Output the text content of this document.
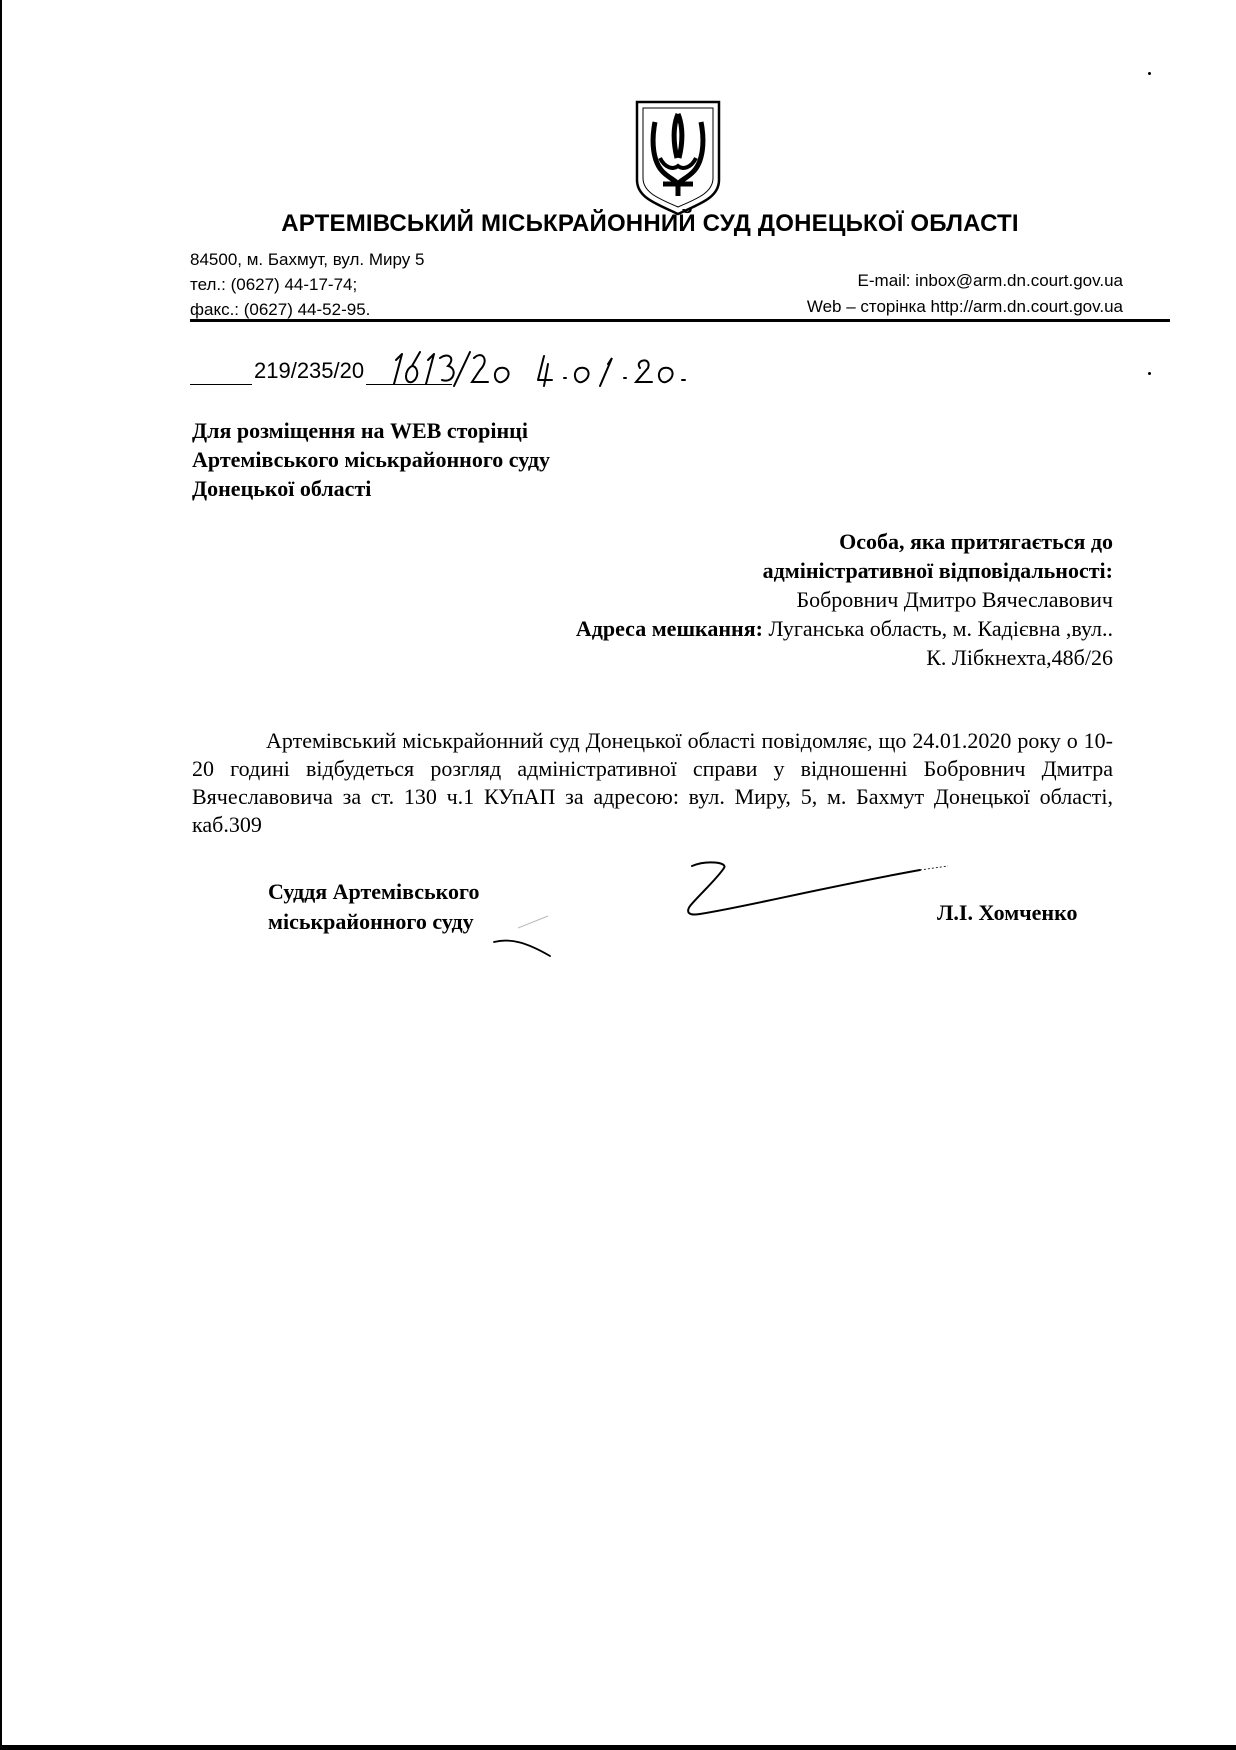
АРТЕМІВСЬКИЙ МІСЬКРАЙОННИЙ СУД ДОНЕЦЬКОЇ ОБЛАСТІ
84500, м. Бахмут, вул. Миру 5
тел.: (0627) 44-17-74;
факс.: (0627) 44-52-95.
E-mail: inbox@arm.dn.court.gov.ua
Web – сторінка http://arm.dn.court.gov.ua
219/235/20
Для розміщення на WEB сторінці
Артемівського міськрайонного суду
Донецької області
Особа, яка притягається до
адміністративної відповідальності:
Бобровнич Дмитро Вячеславович
Адреса мешкання: Луганська область, м. Кадієвна ,вул..
К. Лібкнехта,48б/26
Артемівський міськрайонний суд Донецької області повідомляє, що 24.01.2020 року о 10-20 годині відбудеться розгляд адміністративної справи у відношенні Бобровнич Дмитра Вячеславовича за ст. 130 ч.1 КУпАП за адресою: вул. Миру, 5, м. Бахмут Донецької області, каб.309
Суддя Артемівського
міськрайонного суду	Л.І. Хомченко
